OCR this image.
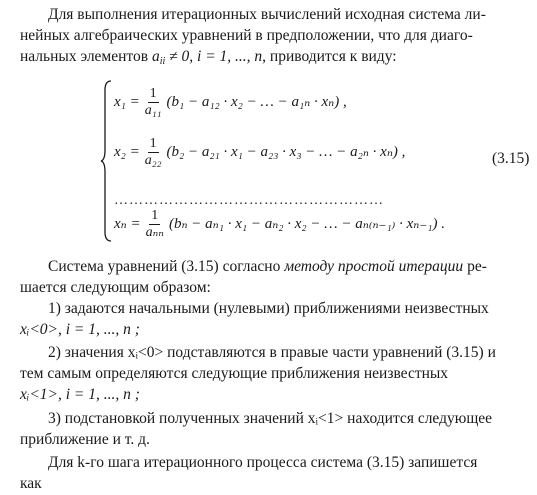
Для выполнения итерационных вычислений исходная система ли-
нейных алгебраических уравнений в предположении, что для диаго-
нальных элементов $a_{ii} \ne 0$, i = 1, ..., n, приводится к виду:
$x_1 = \frac{1}{\text{a₁₁}} (b_1 - a_{12} \cdot x_2$ − … − a₁ₙ · xₙ) ,
$x_2 = \frac{1}{\text{a₂₂}} (b_2 - a_{21} \cdot x_1 - a_{23} \cdot x_3$ − … − a₂ₙ · xₙ) ,
………………………………………………
$x_n = \frac{1}{\text{aₙₙ}} (b_n - a_{n1} \cdot x_1 - a_{n2} \cdot x_2$ − … − aₙ₍ₙ₋₁₎ · xₙ₋₁) .
(3.15)
Система уравнений (3.15) согласно методу простой итерации ре-
шается следующим образом:
1) задаются начальными (нулевыми) приближениями неизвестных
xᵢ<0>, i = 1, ..., n ;
2) значения xᵢ<0> подставляются в правые части уравнений (3.15) и
тем самым определяются следующие приближения неизвестных
xᵢ<1>, i = 1, ..., n ;
3) подстановкой полученных значений xᵢ<1> находится следующее
приближение и т. д.
Для k-го шага итерационного процесса система (3.15) запишется
как
